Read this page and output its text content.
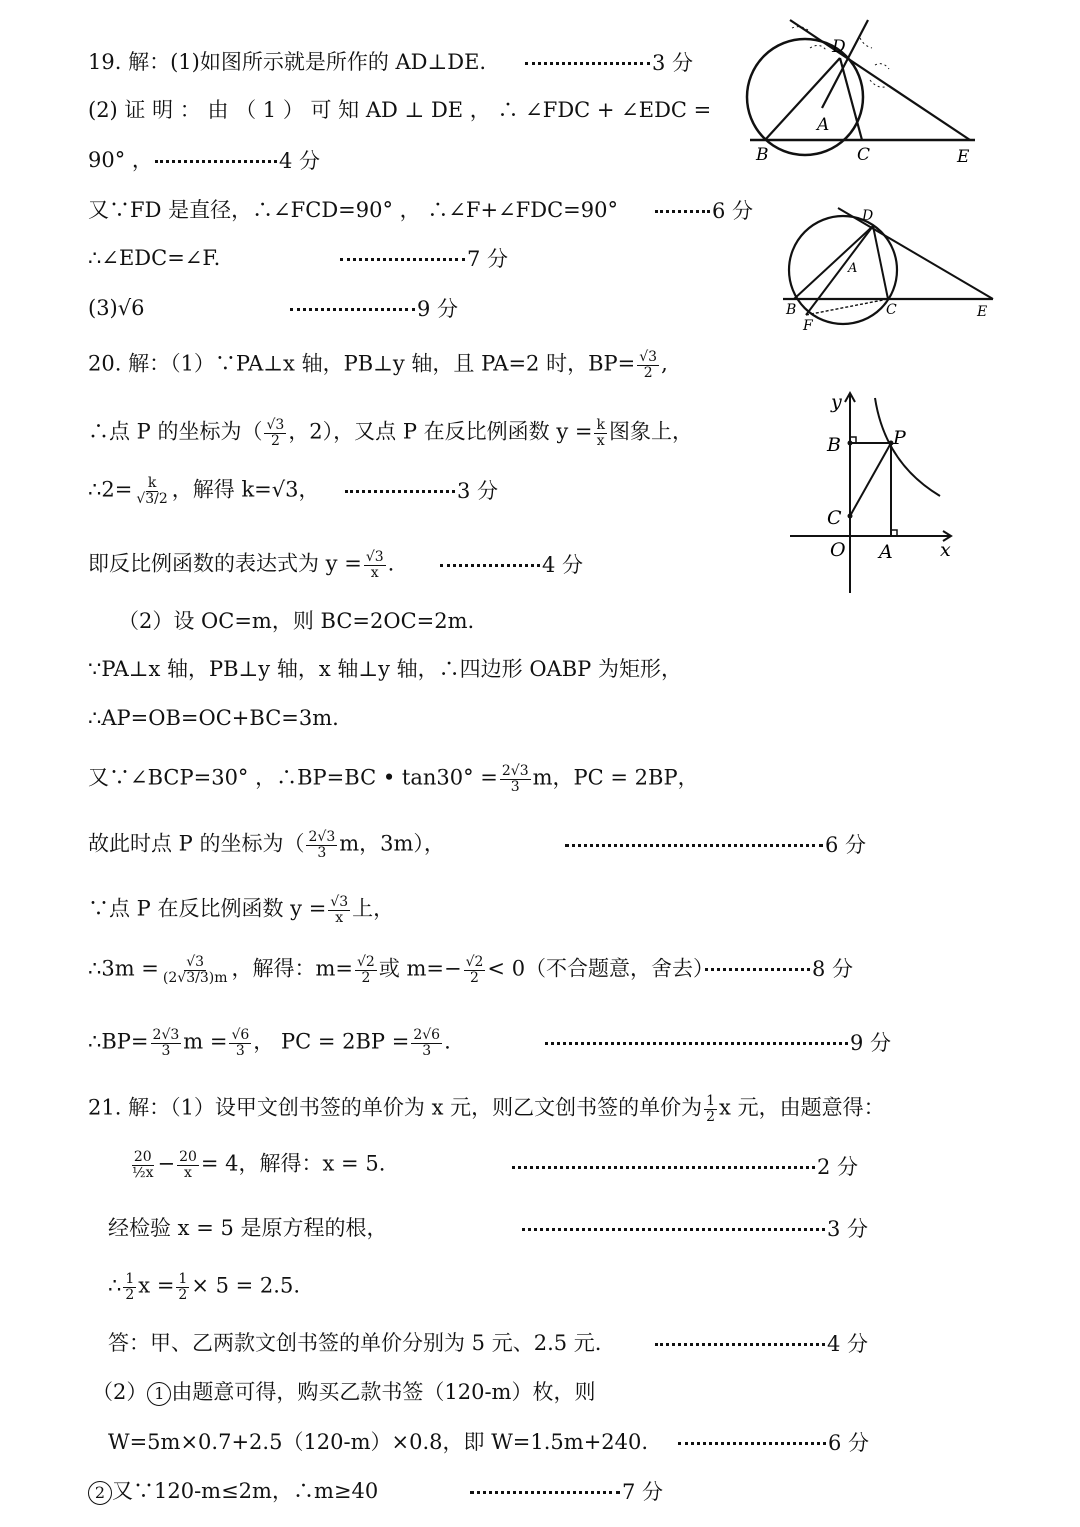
19. 解：(1)如图所示就是所作的 AD⊥DE.	3 分
(2) 证 明 ： 由 （ 1 ） 可 知 AD ⊥ DE ， ∴ ∠FDC + ∠EDC =
90° ，	4 分
又∵FD 是直径，∴∠FCD=90° ， ∴∠F+∠FDC=90°	6 分
∴∠EDC=∠F.	7 分
(3)√6	9 分
20. 解：（1）∵PA⊥x 轴，PB⊥y 轴，且 PA=2 时，$BP= \frac{√3}{2}$ ,
∴点 P 的坐标为（ $\frac{√3}{2}$ ，2），又点 P 在反比例函数 $y = \frac{k}{x}$ 图象上，
∴2= $\frac{k}{√3/2}$ ，解得 k=√3，	3 分
即反比例函数的表达式为 $y = \frac{√3}{x}$ .	4 分
（2）设 OC=m，则 BC=2OC=2m.
∵PA⊥x 轴，PB⊥y 轴，x 轴⊥y 轴，∴四边形 OABP 为矩形，
∴AP=OB=OC+BC=3m.
又∵∠BCP=30° ，∴BP=BC • $\tan 30^\circ = \frac{2√3}{3}$ m，PC = 2BP，
故此时点 P 的坐标为（ $\frac{2√3}{3}$ m，3m），	6 分
∵点 P 在反比例函数 $y = \frac{√3}{x}$ 上，
∴3m = $\frac{√3}{(2√3/3)m}$ ，解得：$m= \frac{√2}{2}$ 或 $m=- \frac{√2}{2} < 0$（不合题意，舍去）	8 分
∴BP= $\frac{2√3}{3}$ $m = \frac{√6}{3}$ ， PC = $2BP = \frac{2√6}{3}$ .	9 分
21. 解：（1）设甲文创书签的单价为 x 元，则乙文创书签的单价为 $\frac{1}{2}$ x 元，由题意得：
$\frac{20}{\text{½x}} - \frac{20}{x} = 4$，解得：x = 5.	2 分
经检验 x = 5 是原方程的根，	3 分
∴ $\frac{1}{2}$ $x = \frac{1}{2} \times 5 = 2.5$.
答：甲、乙两款文创书签的单价分别为 5 元、2.5 元.	4 分
（2） 1 由题意可得，购买乙款书签（120-m）枚，则
W=5m×0.7+2.5（120-m）×0.8，即 W=1.5m+240.	6 分
2 又∵120-m≤2m，∴m≥40	7 分
D
A
B	C	E
D
A
B
F
C	E
y
x
B	P
C
O A
